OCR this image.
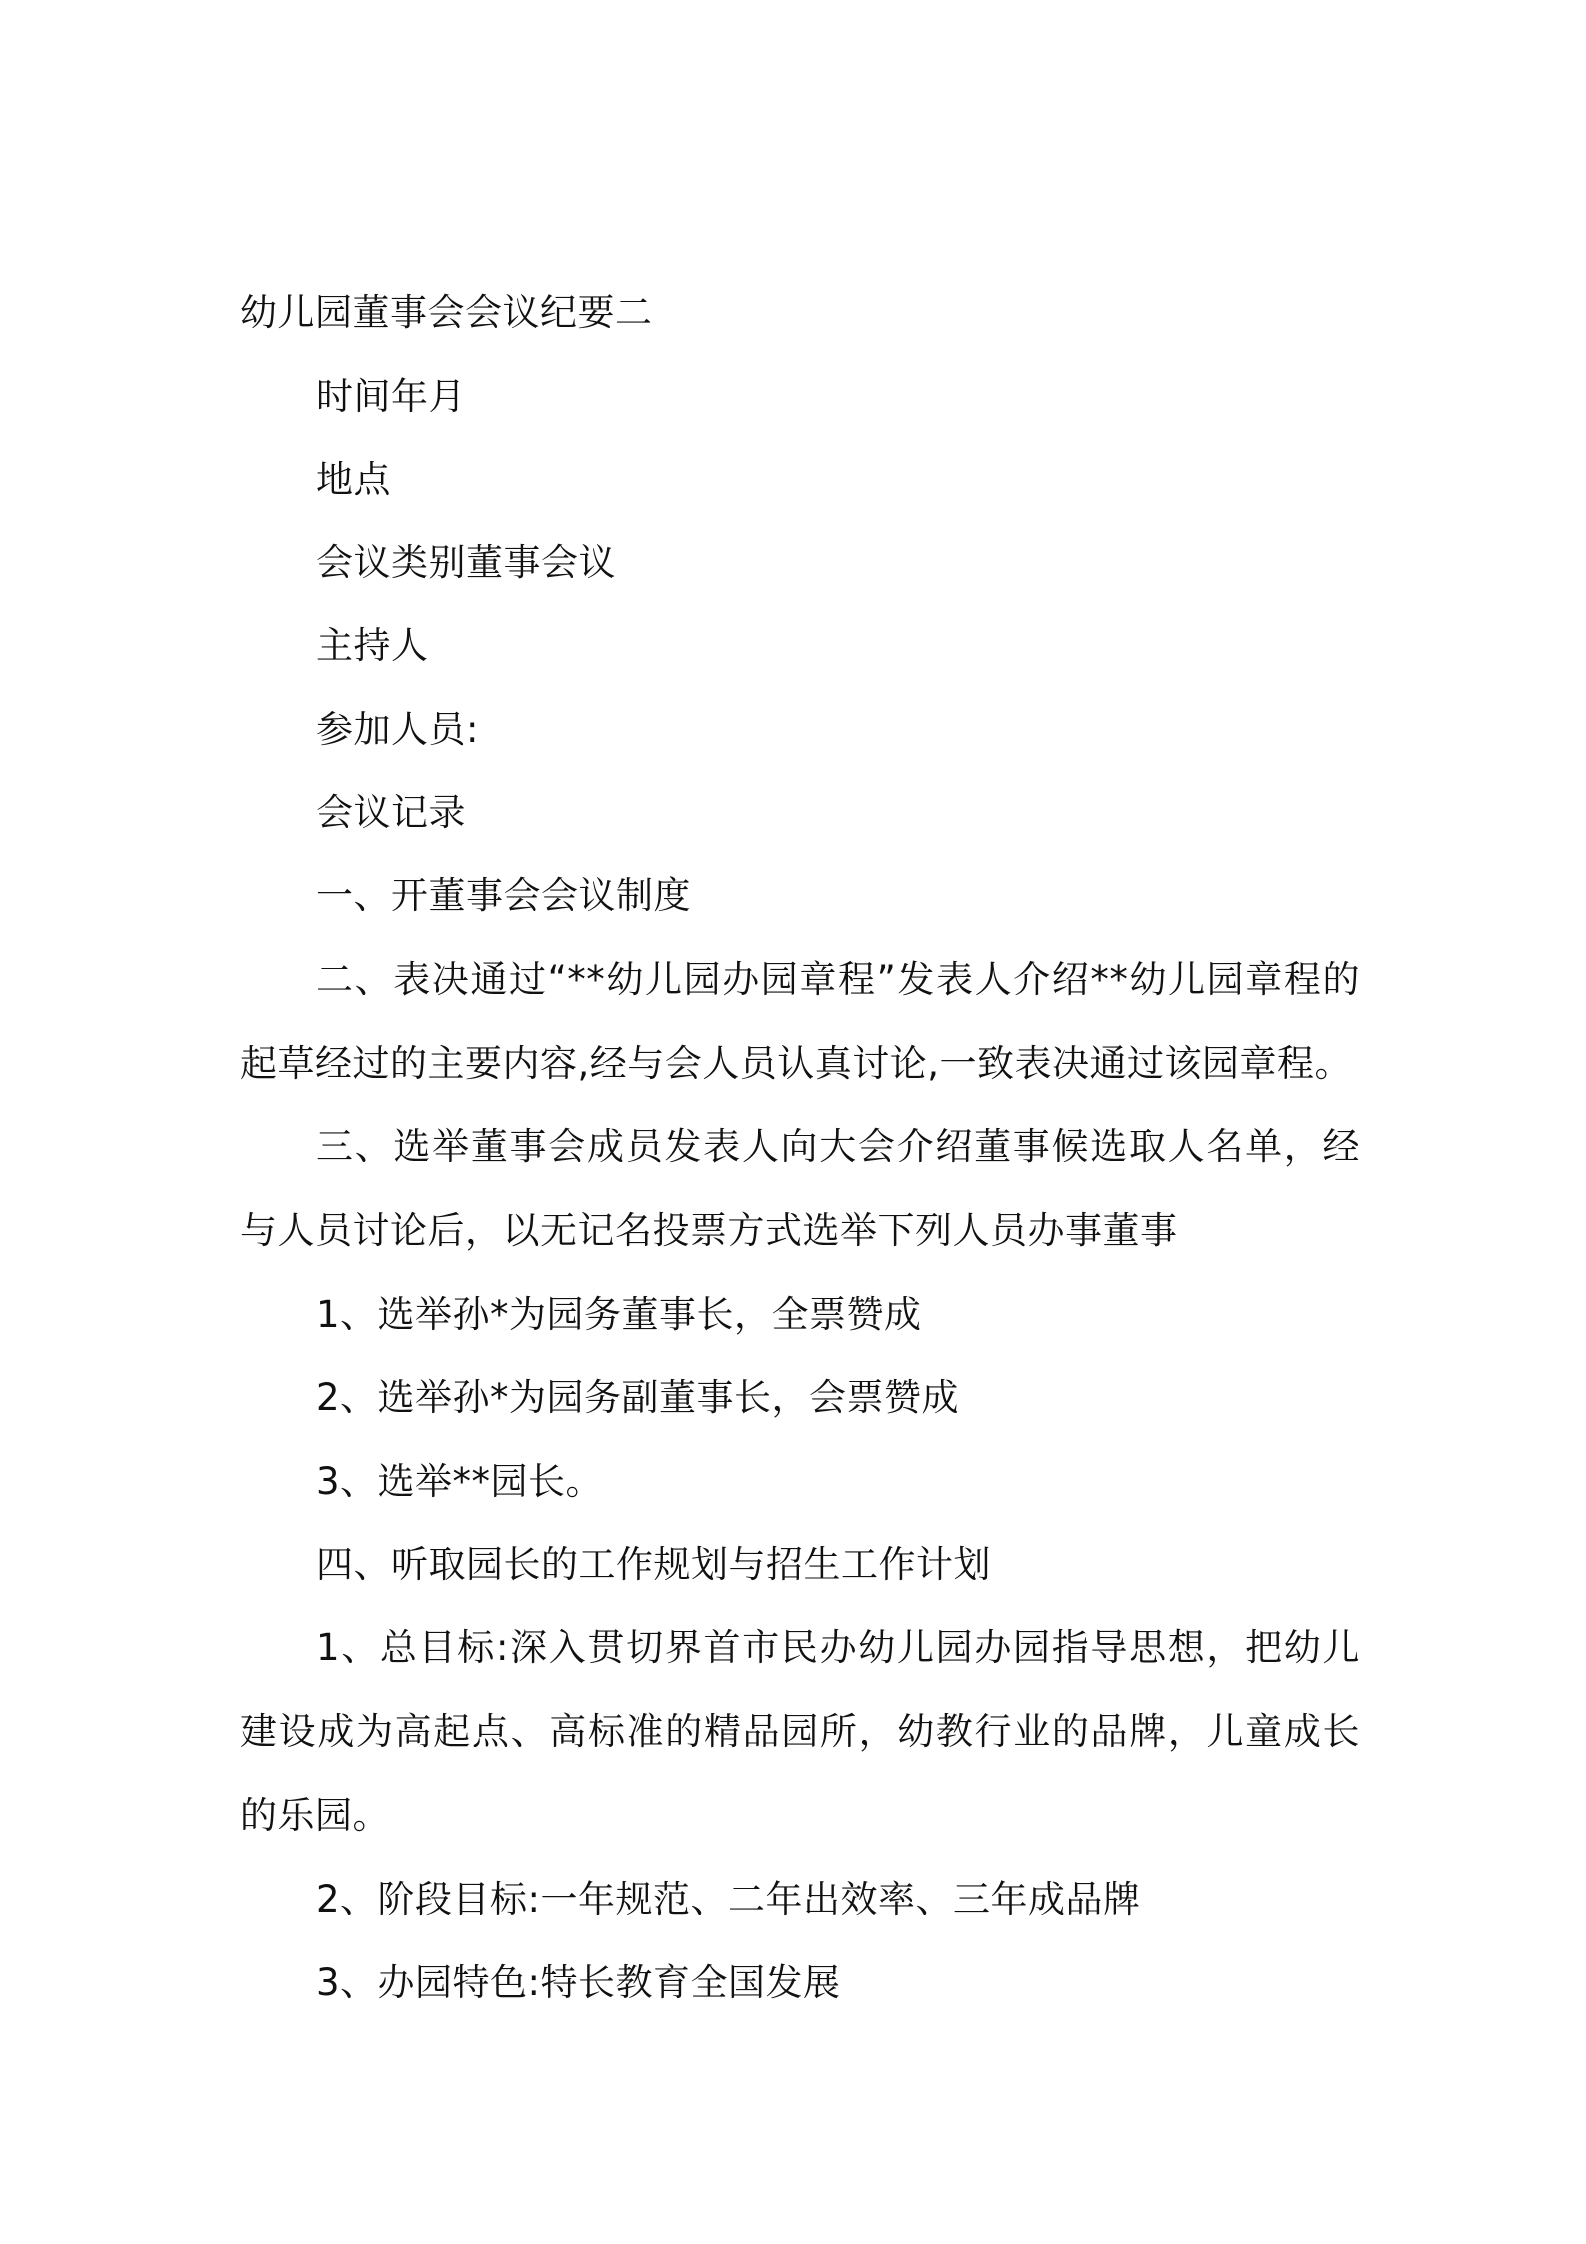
幼儿园董事会会议纪要二
时间年月
地点
会议类别董事会议
主持人
参加人员:
会议记录
一、开董事会会议制度
二、表决通过“**幼儿园办园章程”发表人介绍**幼儿园章程的起草经过的主要内容,经与会人员认真讨论,一致表决通过该园章程。
三、选举董事会成员发表人向大会介绍董事候选取人名单，经与人员讨论后，以无记名投票方式选举下列人员办事董事
1、选举孙*为园务董事长，全票赞成
2、选举孙*为园务副董事长，会票赞成
3、选举**园长。
四、听取园长的工作规划与招生工作计划
1、总目标:深入贯切界首市民办幼儿园办园指导思想，把幼儿建设成为高起点、高标准的精品园所，幼教行业的品牌，儿童成长的乐园。
2、阶段目标:一年规范、二年出效率、三年成品牌
3、办园特色:特长教育全国发展
